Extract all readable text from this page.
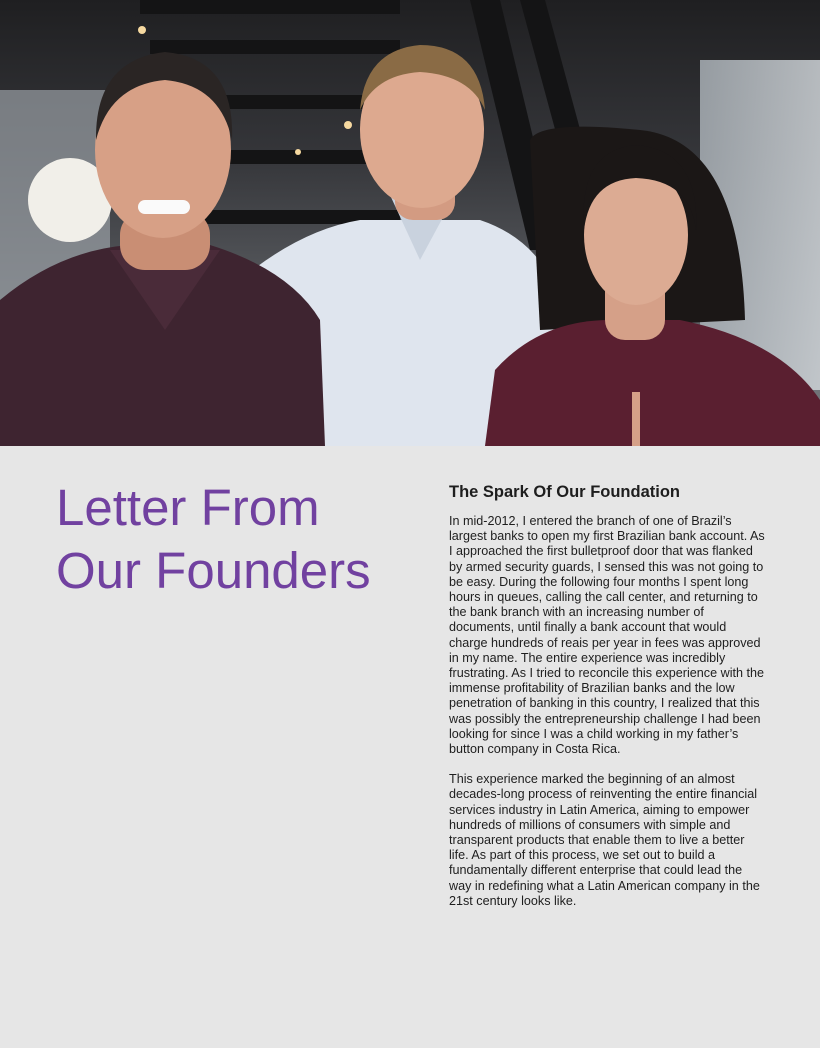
Letter From
Our Founders
The Spark Of Our Foundation

In mid-2012, I entered the branch of one of Brazil’s largest banks to open my first Brazilian bank account. As I approached the first bulletproof door that was flanked by armed security guards, I sensed this was not going to be easy. During the following four months I spent long hours in queues, calling the call center, and returning to the bank branch with an increasing number of documents, until finally a bank account that would charge hundreds of reais per year in fees was approved in my name. The entire experience was incredibly frustrating. As I tried to reconcile this experience with the immense profitability of Brazilian banks and the low penetration of banking in this country, I realized that this was possibly the entrepreneurship challenge I had been looking for since I was a child working in my father’s button company in Costa Rica.

This experience marked the beginning of an almost decades-long process of reinventing the entire financial services industry in Latin America, aiming to empower hundreds of millions of consumers with simple and transparent products that enable them to live a better life. As part of this process, we set out to build a fundamentally different enterprise that could lead the way in redefining what a Latin American company in the 21st century looks like.
